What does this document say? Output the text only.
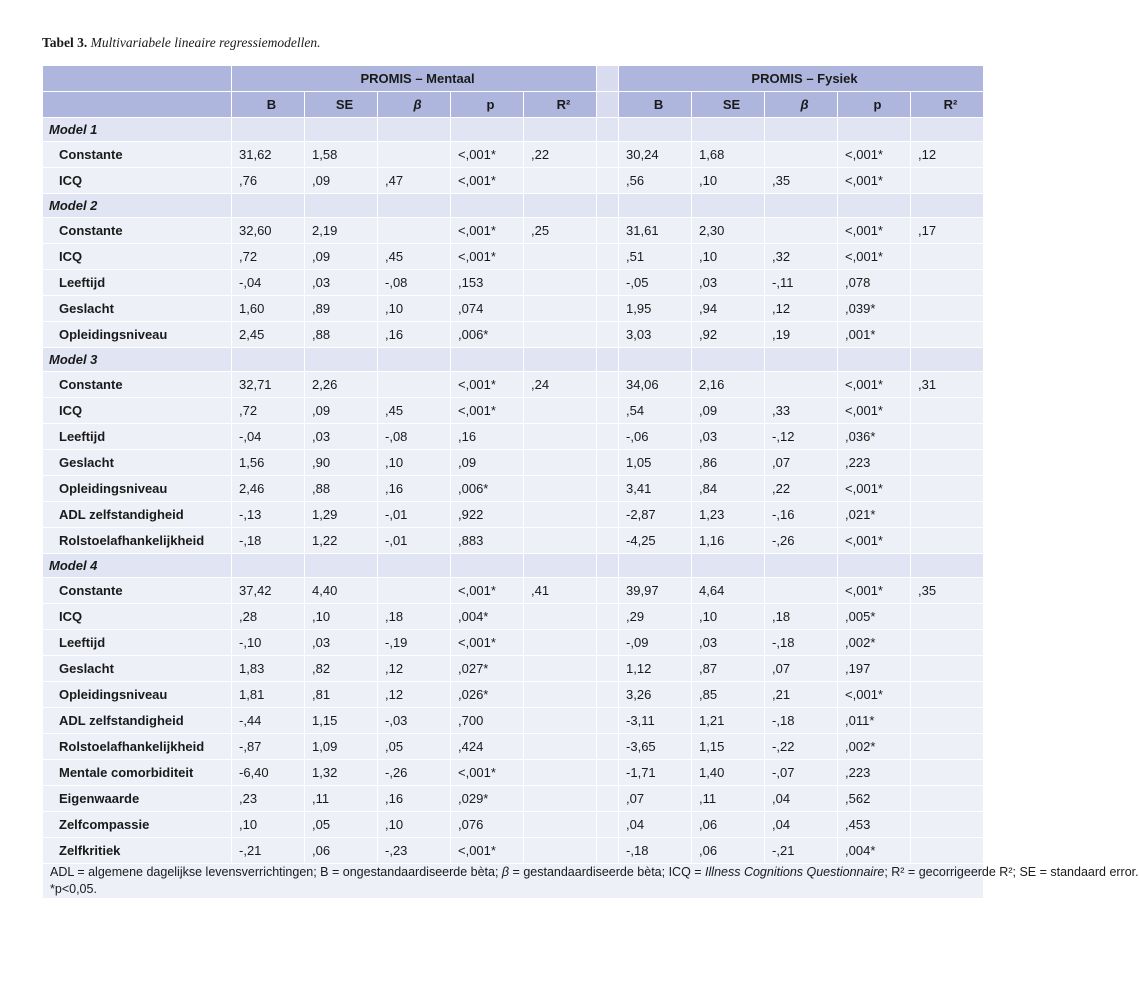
Tabel 3. Multivariabele lineaire regressiemodellen.
	PROMIS – Mentaal						PROMIS – Fysiek				
	B	SE	β	p	R²		B	SE	β	p	R²
Model 1											
Constante	31,62	1,58		<,001*	,22		30,24	1,68		<,001*	,12
ICQ	,76	,09	,47	<,001*			,56	,10	,35	<,001*	
Model 2											
Constante	32,60	2,19		<,001*	,25		31,61	2,30		<,001*	,17
ICQ	,72	,09	,45	<,001*			,51	,10	,32	<,001*	
Leeftijd	-,04	,03	-,08	,153			-,05	,03	-,11	,078	
Geslacht	1,60	,89	,10	,074			1,95	,94	,12	,039*	
Opleidingsniveau	2,45	,88	,16	,006*			3,03	,92	,19	,001*	
Model 3											
Constante	32,71	2,26		<,001*	,24		34,06	2,16		<,001*	,31
ICQ	,72	,09	,45	<,001*			,54	,09	,33	<,001*	
Leeftijd	-,04	,03	-,08	,16			-,06	,03	-,12	,036*	
Geslacht	1,56	,90	,10	,09			1,05	,86	,07	,223	
Opleidingsniveau	2,46	,88	,16	,006*			3,41	,84	,22	<,001*	
ADL zelfstandigheid	-,13	1,29	-,01	,922			-2,87	1,23	-,16	,021*	
Rolstoelafhankelijkheid	-,18	1,22	-,01	,883			-4,25	1,16	-,26	<,001*	
Model 4											
Constante	37,42	4,40		<,001*	,41		39,97	4,64		<,001*	,35
ICQ	,28	,10	,18	,004*			,29	,10	,18	,005*	
Leeftijd	-,10	,03	-,19	<,001*			-,09	,03	-,18	,002*	
Geslacht	1,83	,82	,12	,027*			1,12	,87	,07	,197	
Opleidingsniveau	1,81	,81	,12	,026*			3,26	,85	,21	<,001*	
ADL zelfstandigheid	-,44	1,15	-,03	,700			-3,11	1,21	-,18	,011*	
Rolstoelafhankelijkheid	-,87	1,09	,05	,424			-3,65	1,15	-,22	,002*	
Mentale comorbiditeit	-6,40	1,32	-,26	<,001*			-1,71	1,40	-,07	,223	
Eigenwaarde	,23	,11	,16	,029*			,07	,11	,04	,562	
Zelfcompassie	,10	,05	,10	,076			,04	,06	,04	,453	
Zelfkritiek	-,21	,06	-,23	<,001*			-,18	,06	-,21	,004*	
ADL = algemene dagelijkse levensverrichtingen; B = ongestandaardiseerde bèta; β = gestandaardiseerde bèta; ICQ = Illness Cognitions Questionnaire; R² = gecorrigeerde R²; SE = standaard error.
*p<0,05.											
